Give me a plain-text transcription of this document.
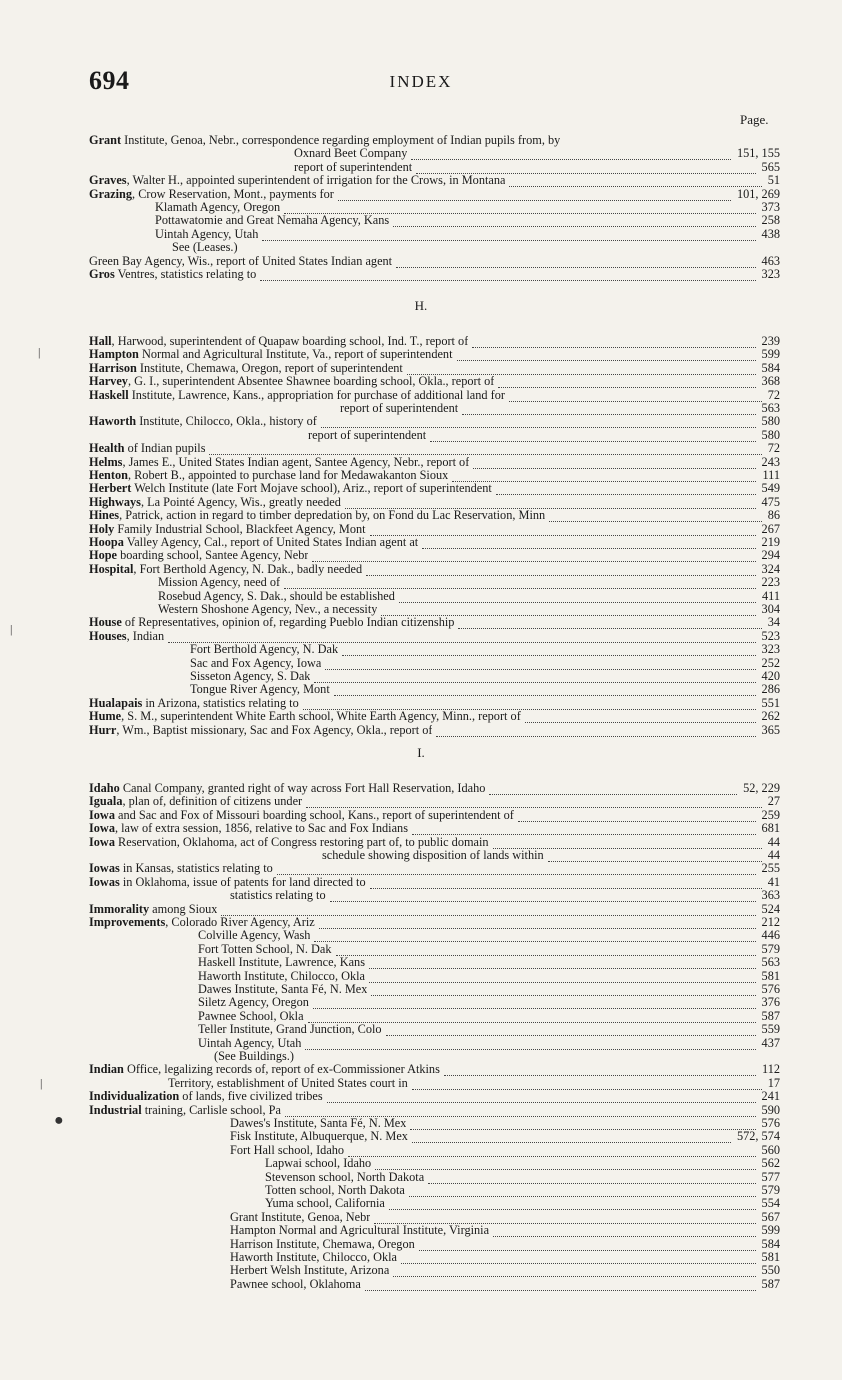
694	INDEX
Page.
Grant Institute, Genoa, Nebr., correspondence regarding employment of Indian pupils from, by
Oxnard Beet Company	151, 155
report of superintendent	565
Graves, Walter H., appointed superintendent of irrigation for the Crows, in Montana	51
Grazing, Crow Reservation, Mont., payments for	101, 269
Klamath Agency, Oregon	373
Pottawatomie and Great Nemaha Agency, Kans	258
Uintah Agency, Utah	438
See (Leases.)
Green Bay Agency, Wis., report of United States Indian agent	463
Gros Ventres, statistics relating to	323
H.
Hall, Harwood, superintendent of Quapaw boarding school, Ind. T., report of	239
Hampton Normal and Agricultural Institute, Va., report of superintendent	599
Harrison Institute, Chemawa, Oregon, report of superintendent	584
Harvey, G. I., superintendent Absentee Shawnee boarding school, Okla., report of	368
Haskell Institute, Lawrence, Kans., appropriation for purchase of additional land for	72
report of superintendent	563
Haworth Institute, Chilocco, Okla., history of	580
report of superintendent	580
Health of Indian pupils	72
Helms, James E., United States Indian agent, Santee Agency, Nebr., report of	243
Henton, Robert B., appointed to purchase land for Medawakanton Sioux	111
Herbert Welch Institute (late Fort Mojave school), Ariz., report of superintendent	549
Highways, La Pointé Agency, Wis., greatly needed	475
Hines, Patrick, action in regard to timber depredation by, on Fond du Lac Reservation, Minn	86
Holy Family Industrial School, Blackfeet Agency, Mont	267
Hoopa Valley Agency, Cal., report of United States Indian agent at	219
Hope boarding school, Santee Agency, Nebr	294
Hospital, Fort Berthold Agency, N. Dak., badly needed	324
Mission Agency, need of	223
Rosebud Agency, S. Dak., should be established	411
Western Shoshone Agency, Nev., a necessity	304
House of Representatives, opinion of, regarding Pueblo Indian citizenship	34
Houses, Indian	523
Fort Berthold Agency, N. Dak	323
Sac and Fox Agency, Iowa	252
Sisseton Agency, S. Dak	420
Tongue River Agency, Mont	286
Hualapais in Arizona, statistics relating to	551
Hume, S. M., superintendent White Earth school, White Earth Agency, Minn., report of	262
Hurr, Wm., Baptist missionary, Sac and Fox Agency, Okla., report of	365
I.
Idaho Canal Company, granted right of way across Fort Hall Reservation, Idaho	52, 229
Iguala, plan of, definition of citizens under	27
Iowa and Sac and Fox of Missouri boarding school, Kans., report of superintendent of	259
Iowa, law of extra session, 1856, relative to Sac and Fox Indians	681
Iowa Reservation, Oklahoma, act of Congress restoring part of, to public domain	44
schedule showing disposition of lands within	44
Iowas in Kansas, statistics relating to	255
Iowas in Oklahoma, issue of patents for land directed to	41
statistics relating to	363
Immorality among Sioux	524
Improvements, Colorado River Agency, Ariz	212
Colville Agency, Wash	446
Fort Totten School, N. Dak	579
Haskell Institute, Lawrence, Kans	563
Haworth Institute, Chilocco, Okla	581
Dawes Institute, Santa Fé, N. Mex	576
Siletz Agency, Oregon	376
Pawnee School, Okla	587
Teller Institute, Grand Junction, Colo	559
Uintah Agency, Utah	437
(See Buildings.)
Indian Office, legalizing records of, report of ex-Commissioner Atkins	112
Territory, establishment of United States court in	17
Individualization of lands, five civilized tribes	241
Industrial training, Carlisle school, Pa	590
Dawes's Institute, Santa Fé, N. Mex	576
Fisk Institute, Albuquerque, N. Mex	572, 574
Fort Hall school, Idaho	560
Lapwai school, Idaho	562
Stevenson school, North Dakota	577
Totten school, North Dakota	579
Yuma school, California	554
Grant Institute, Genoa, Nebr	567
Hampton Normal and Agricultural Institute, Virginia	599
Harrison Institute, Chemawa, Oregon	584
Haworth Institute, Chilocco, Okla	581
Herbert Welsh Institute, Arizona	550
Pawnee school, Oklahoma	587
|
|
|
●
